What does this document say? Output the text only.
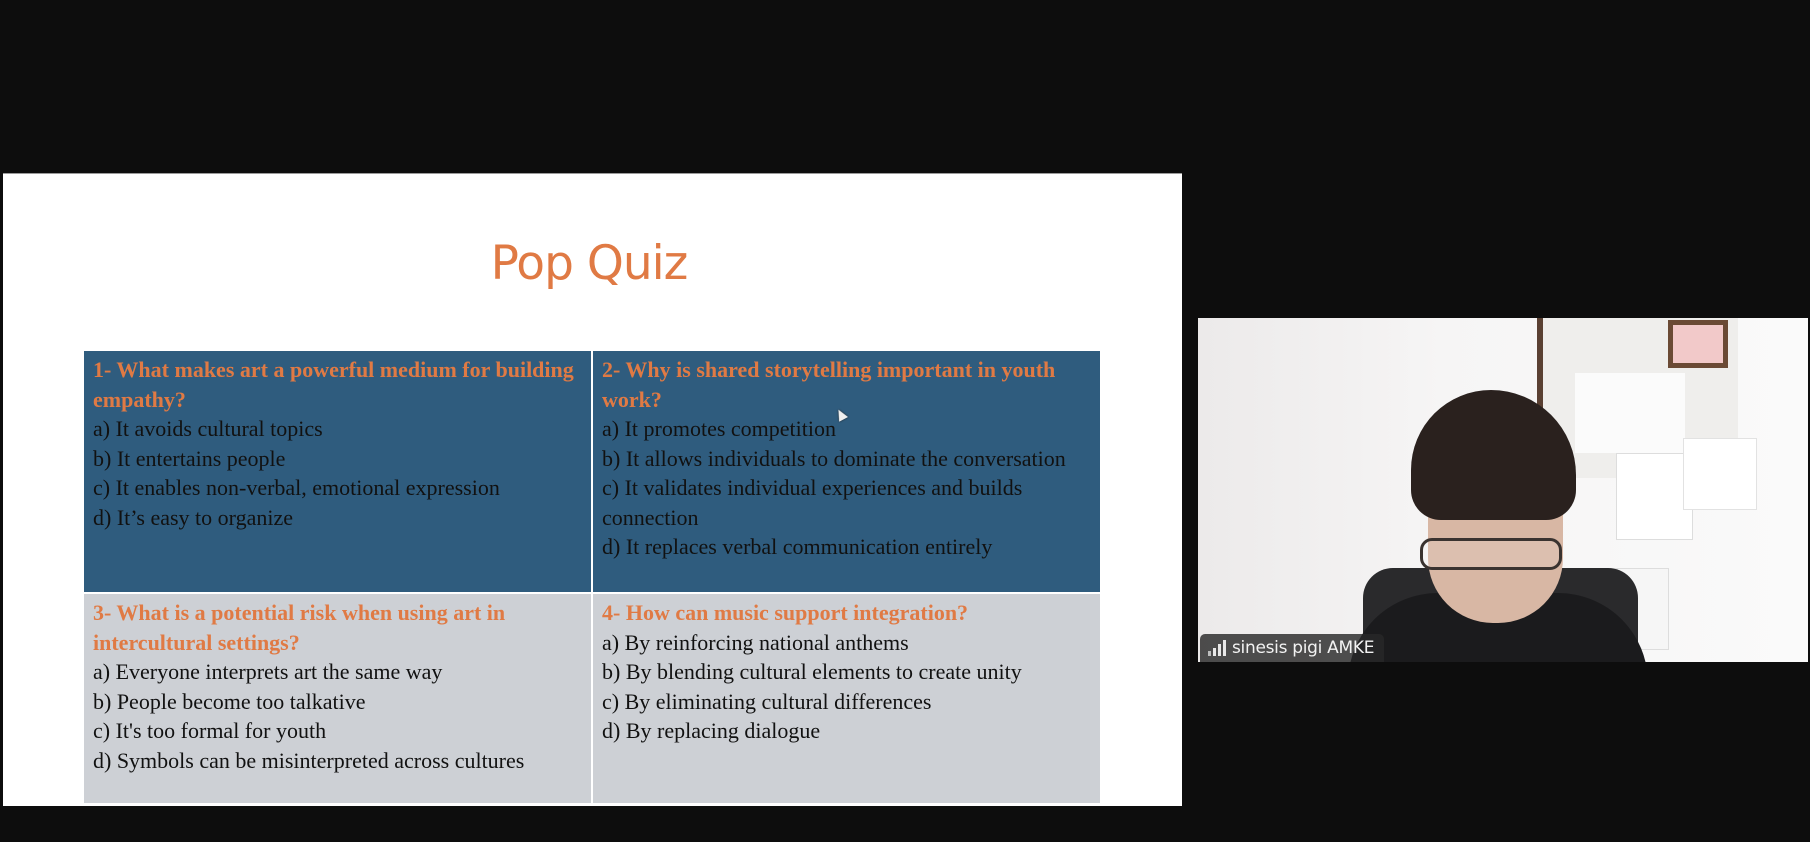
Pop Quiz
1- What makes art a powerful medium for building empathy?
a) It avoids cultural topics
b) It entertains people
c) It enables non-verbal, emotional expression
d) It’s easy to organize
2- Why is shared storytelling important in youth work?
a) It promotes competition
b) It allows individuals to dominate the conversation
c) It validates individual experiences and builds connection
d) It replaces verbal communication entirely
3- What is a potential risk when using art in intercultural settings?
a) Everyone interprets art the same way
b) People become too talkative
c) It's too formal for youth
d) Symbols can be misinterpreted across cultures
4- How can music support integration?
a) By reinforcing national anthems
b) By blending cultural elements to create unity
c) By eliminating cultural differences
d) By replacing dialogue
sinesis pigi AMKE
